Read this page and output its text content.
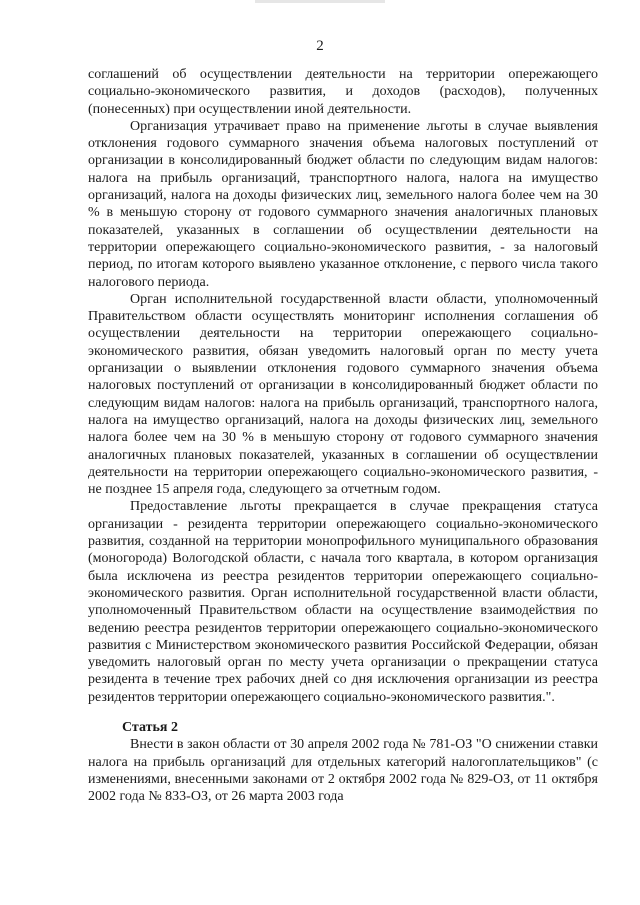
2

соглашений об осуществлении деятельности на территории опережающего социально-экономического развития, и доходов (расходов), полученных (понесенных) при осуществлении иной деятельности.

Организация утрачивает право на применение льготы в случае выявления отклонения годового суммарного значения объема налоговых поступлений от организации в консолидированный бюджет области по следующим видам налогов: налога на прибыль организаций, транспортного налога, налога на имущество организаций, налога на доходы физических лиц, земельного налога более чем на 30 % в меньшую сторону от годового суммарного значения аналогичных плановых показателей, указанных в соглашении об осуществлении деятельности на территории опережающего социально-экономического развития, - за налоговый период, по итогам которого выявлено указанное отклонение, с первого числа такого налогового периода.

Орган исполнительной государственной власти области, уполномоченный Правительством области осуществлять мониторинг исполнения соглашения об осуществлении деятельности на территории опережающего социально-экономического развития, обязан уведомить налоговый орган по месту учета организации о выявлении отклонения годового суммарного значения объема налоговых поступлений от организации в консолидированный бюджет области по следующим видам налогов: налога на прибыль организаций, транспортного налога, налога на имущество организаций, налога на доходы физических лиц, земельного налога более чем на 30 % в меньшую сторону от годового суммарного значения аналогичных плановых показателей, указанных в соглашении об осуществлении деятельности на территории опережающего социально-экономического развития, - не позднее 15 апреля года, следующего за отчетным годом.

Предоставление льготы прекращается в случае прекращения статуса организации - резидента территории опережающего социально-экономического развития, созданной на территории монопрофильного муниципального образования (моногорода) Вологодской области, с начала того квартала, в котором организация была исключена из реестра резидентов территории опережающего социально-экономического развития. Орган исполнительной государственной власти области, уполномоченный Правительством области на осуществление взаимодействия по ведению реестра резидентов территории опережающего социально-экономического развития с Министерством экономического развития Российской Федерации, обязан уведомить налоговый орган по месту учета организации о прекращении статуса резидента в течение трех рабочих дней со дня исключения организации из реестра резидентов территории опережающего социально-экономического развития.".

Статья 2

Внести в закон области от 30 апреля 2002 года № 781-ОЗ "О снижении ставки налога на прибыль организаций для отдельных категорий налогоплательщиков" (с изменениями, внесенными законами от 2 октября 2002 года № 829-ОЗ, от 11 октября 2002 года № 833-ОЗ, от 26 марта 2003 года
